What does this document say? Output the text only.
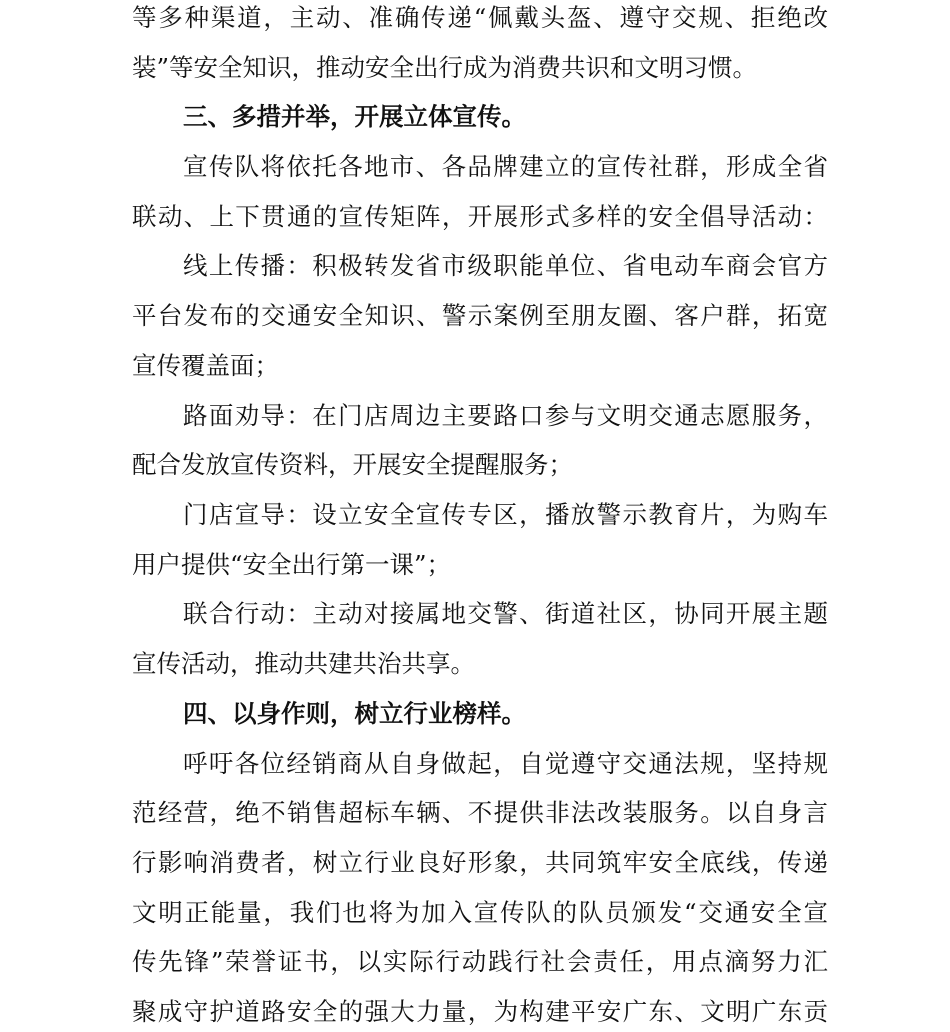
等多种渠道，主动、准确传递“佩戴头盔、遵守交规、拒绝改
装”等安全知识，推动安全出行成为消费共识和文明习惯。
三、多措并举，开展立体宣传。
宣传队将依托各地市、各品牌建立的宣传社群，形成全省
联动、上下贯通的宣传矩阵，开展形式多样的安全倡导活动：
线上传播：积极转发省市级职能单位、省电动车商会官方
平台发布的交通安全知识、警示案例至朋友圈、客户群，拓宽
宣传覆盖面；
路面劝导：在门店周边主要路口参与文明交通志愿服务，
配合发放宣传资料，开展安全提醒服务；
门店宣导：设立安全宣传专区，播放警示教育片，为购车
用户提供“安全出行第一课”；
联合行动：主动对接属地交警、街道社区，协同开展主题
宣传活动，推动共建共治共享。
四、以身作则，树立行业榜样。
呼吁各位经销商从自身做起，自觉遵守交通法规，坚持规
范经营，绝不销售超标车辆、不提供非法改装服务。以自身言
行影响消费者，树立行业良好形象，共同筑牢安全底线，传递
文明正能量，我们也将为加入宣传队的队员颁发“交通安全宣
传先锋”荣誉证书，以实际行动践行社会责任，用点滴努力汇
聚成守护道路安全的强大力量，为构建平安广东、文明广东贡
